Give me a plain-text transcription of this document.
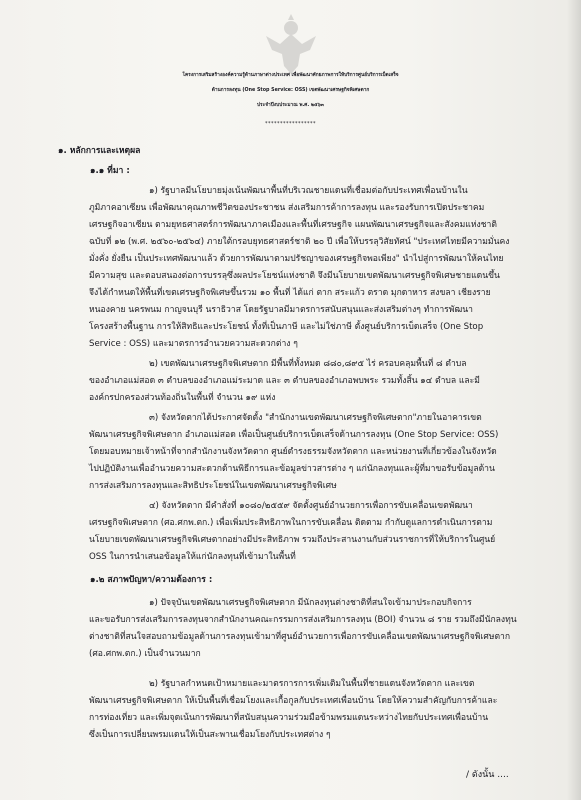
โครงการเสริมสร้างองค์ความรู้ด้านภาษาต่างประเทศ เพื่อพัฒนาศักยภาพการให้บริการศูนย์บริการเบ็ดเสร็จ
ด้านการลงทุน (One Stop Service: OSS) เขตพัฒนาเศรษฐกิจพิเศษตาก
ประจำปีงบประมาณ พ.ศ. ๒๕๖๓
*****************
๑. หลักการและเหตุผล
๑.๑ ที่มา :
๑) รัฐบาลมีนโยบายมุ่งเน้นพัฒนาพื้นที่บริเวณชายแดนที่เชื่อมต่อกับประเทศเพื่อนบ้านใน
ภูมิภาคอาเซียน เพื่อพัฒนาคุณภาพชีวิตของประชาชน ส่งเสริมการค้าการลงทุน และรองรับการเปิดประชาคม
เศรษฐกิจอาเซียน ตามยุทธศาสตร์การพัฒนาภาคเมืองและพื้นที่เศรษฐกิจ แผนพัฒนาเศรษฐกิจและสังคมแห่งชาติ
ฉบับที่ ๑๒ (พ.ศ. ๒๕๖๐-๒๕๖๔) ภายใต้กรอบยุทธศาสตร์ชาติ ๒๐ ปี เพื่อให้บรรลุวิสัยทัศน์ "ประเทศไทยมีความมั่นคง
มั่งคั่ง ยั่งยืน เป็นประเทศพัฒนาแล้ว ด้วยการพัฒนาตามปรัชญาของเศรษฐกิจพอเพียง" นำไปสู่การพัฒนาให้คนไทย
มีความสุข และตอบสนองต่อการบรรลุซึ่งผลประโยชน์แห่งชาติ จึงมีนโยบายเขตพัฒนาเศรษฐกิจพิเศษชายแดนขึ้น
จึงได้กำหนดให้พื้นที่เขตเศรษฐกิจพิเศษขึ้นรวม ๑๐ พื้นที่ ได้แก่ ตาก สระแก้ว ตราด มุกดาหาร สงขลา เชียงราย
หนองคาย นครพนม กาญจนบุรี นราธิวาส โดยรัฐบาลมีมาตรการสนับสนุนและส่งเสริมต่างๆ ทำการพัฒนา
โครงสร้างพื้นฐาน การให้สิทธิและประโยชน์ ทั้งที่เป็นภาษี และไม่ใช่ภาษี ตั้งศูนย์บริการเบ็ดเสร็จ (One Stop
Service : OSS) และมาตรการอำนวยความสะดวกต่าง ๆ
๒) เขตพัฒนาเศรษฐกิจพิเศษตาก มีพื้นที่ทั้งหมด ๘๘๐,๘๙๕ ไร่ ครอบคลุมพื้นที่ ๘ ตำบล
ของอำเภอแม่สอด ๓ ตำบลของอำเภอแม่ระมาด และ ๓ ตำบลของอำเภอพบพระ รวมทั้งสิ้น ๑๔ ตำบล และมี
องค์กรปกครองส่วนท้องถิ่นในพื้นที่ จำนวน ๑๙ แห่ง
๓) จังหวัดตากได้ประกาศจัดตั้ง "สำนักงานเขตพัฒนาเศรษฐกิจพิเศษตาก"ภายในอาคารเขต
พัฒนาเศรษฐกิจพิเศษตาก อำเภอแม่สอด เพื่อเป็นศูนย์บริการเบ็ดเสร็จด้านการลงทุน (One Stop Service: OSS)
โดยมอบหมายเจ้าหน้าที่จากสำนักงานจังหวัดตาก ศูนย์ดำรงธรรมจังหวัดตาก และหน่วยงานที่เกี่ยวข้องในจังหวัด
ไปปฏิบัติงานเพื่ออำนวยความสะดวกด้านพิธีการและข้อมูลข่าวสารต่าง ๆ แก่นักลงทุนและผู้ที่มาขอรับข้อมูลด้าน
การส่งเสริมการลงทุนและสิทธิประโยชน์ในเขตพัฒนาเศรษฐกิจพิเศษ
๔) จังหวัดตาก มีคำสั่งที่ ๑๐๘๐/๒๕๕๙ จัดตั้งศูนย์อำนวยการเพื่อการขับเคลื่อนเขตพัฒนา
เศรษฐกิจพิเศษตาก (ศอ.ศกพ.ตก.) เพื่อเพิ่มประสิทธิภาพในการขับเคลื่อน ติดตาม กำกับดูแลการดำเนินการตาม
นโยบายเขตพัฒนาเศรษฐกิจพิเศษตากอย่างมีประสิทธิภาพ รวมถึงประสานงานกับส่วนราชการที่ให้บริการในศูนย์
OSS ในการนำเสนอข้อมูลให้แก่นักลงทุนที่เข้ามาในพื้นที่
๑.๒ สภาพปัญหา/ความต้องการ :
๑) ปัจจุบันเขตพัฒนาเศรษฐกิจพิเศษตาก มีนักลงทุนต่างชาติที่สนใจเข้ามาประกอบกิจการ
และขอรับการส่งเสริมการลงทุนจากสำนักงานคณะกรรมการส่งเสริมการลงทุน (BOI) จำนวน ๘ ราย รวมถึงมีนักลงทุน
ต่างชาติที่สนใจสอบถามข้อมูลด้านการลงทุนเข้ามาที่ศูนย์อำนวยการเพื่อการขับเคลื่อนเขตพัฒนาเศรษฐกิจพิเศษตาก
(ศอ.ศกพ.ตก.) เป็นจำนวนมาก
๒) รัฐบาลกำหนดเป้าหมายและมาตรการการเพิ่มเติมในพื้นที่ชายแดนจังหวัดตาก และเขต
พัฒนาเศรษฐกิจพิเศษตาก ให้เป็นพื้นที่เชื่อมโยงและเกื้อกูลกับประเทศเพื่อนบ้าน โดยให้ความสำคัญกับการค้าและ
การท่องเที่ยว และเพิ่มจุดเน้นการพัฒนาที่สนับสนุนความร่วมมือข้ามพรมแดนระหว่างไทยกับประเทศเพื่อนบ้าน
ซึ่งเป็นการเปลี่ยนพรมแดนให้เป็นสะพานเชื่อมโยงกับประเทศต่าง ๆ
/ ดังนั้น ....
